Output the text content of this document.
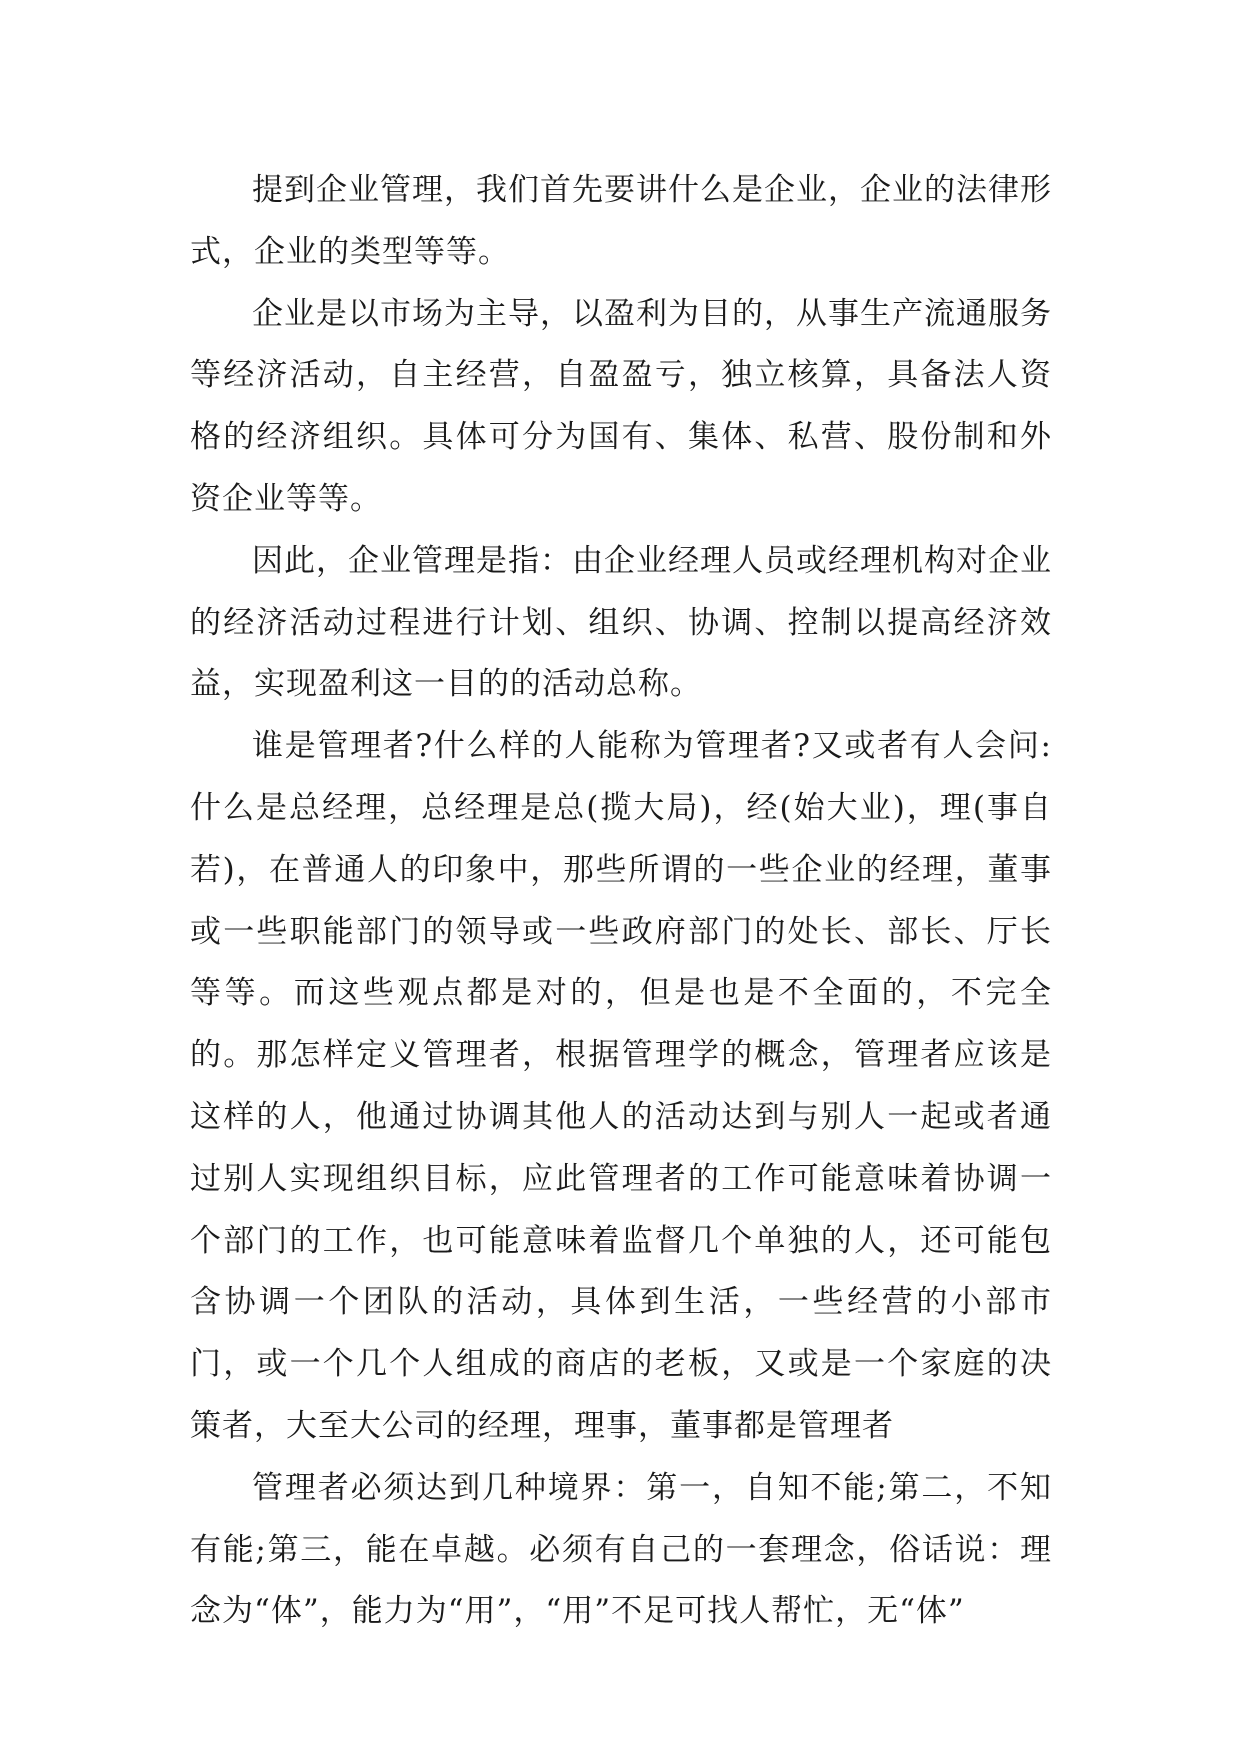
提到企业管理，我们首先要讲什么是企业，企业的法律形式，企业的类型等等。

企业是以市场为主导，以盈利为目的，从事生产流通服务等经济活动，自主经营，自盈盈亏，独立核算，具备法人资格的经济组织。具体可分为国有、集体、私营、股份制和外资企业等等。

因此，企业管理是指：由企业经理人员或经理机构对企业的经济活动过程进行计划、组织、协调、控制以提高经济效益，实现盈利这一目的的活动总称。

谁是管理者?什么样的人能称为管理者?又或者有人会问:什么是总经理，总经理是总(揽大局)，经(始大业)，理(事自若)，在普通人的印象中，那些所谓的一些企业的经理，董事或一些职能部门的领导或一些政府部门的处长、部长、厅长等等。而这些观点都是对的，但是也是不全面的，不完全的。那怎样定义管理者，根据管理学的概念，管理者应该是这样的人，他通过协调其他人的活动达到与别人一起或者通过别人实现组织目标，应此管理者的工作可能意味着协调一个部门的工作，也可能意味着监督几个单独的人，还可能包含协调一个团队的活动，具体到生活，一些经营的小部市门，或一个几个人组成的商店的老板，又或是一个家庭的决策者，大至大公司的经理，理事，董事都是管理者

管理者必须达到几种境界：第一，自知不能;第二，不知有能;第三，能在卓越。必须有自己的一套理念，俗话说：理念为“体”，能力为“用”，“用”不足可找人帮忙，无“体”
